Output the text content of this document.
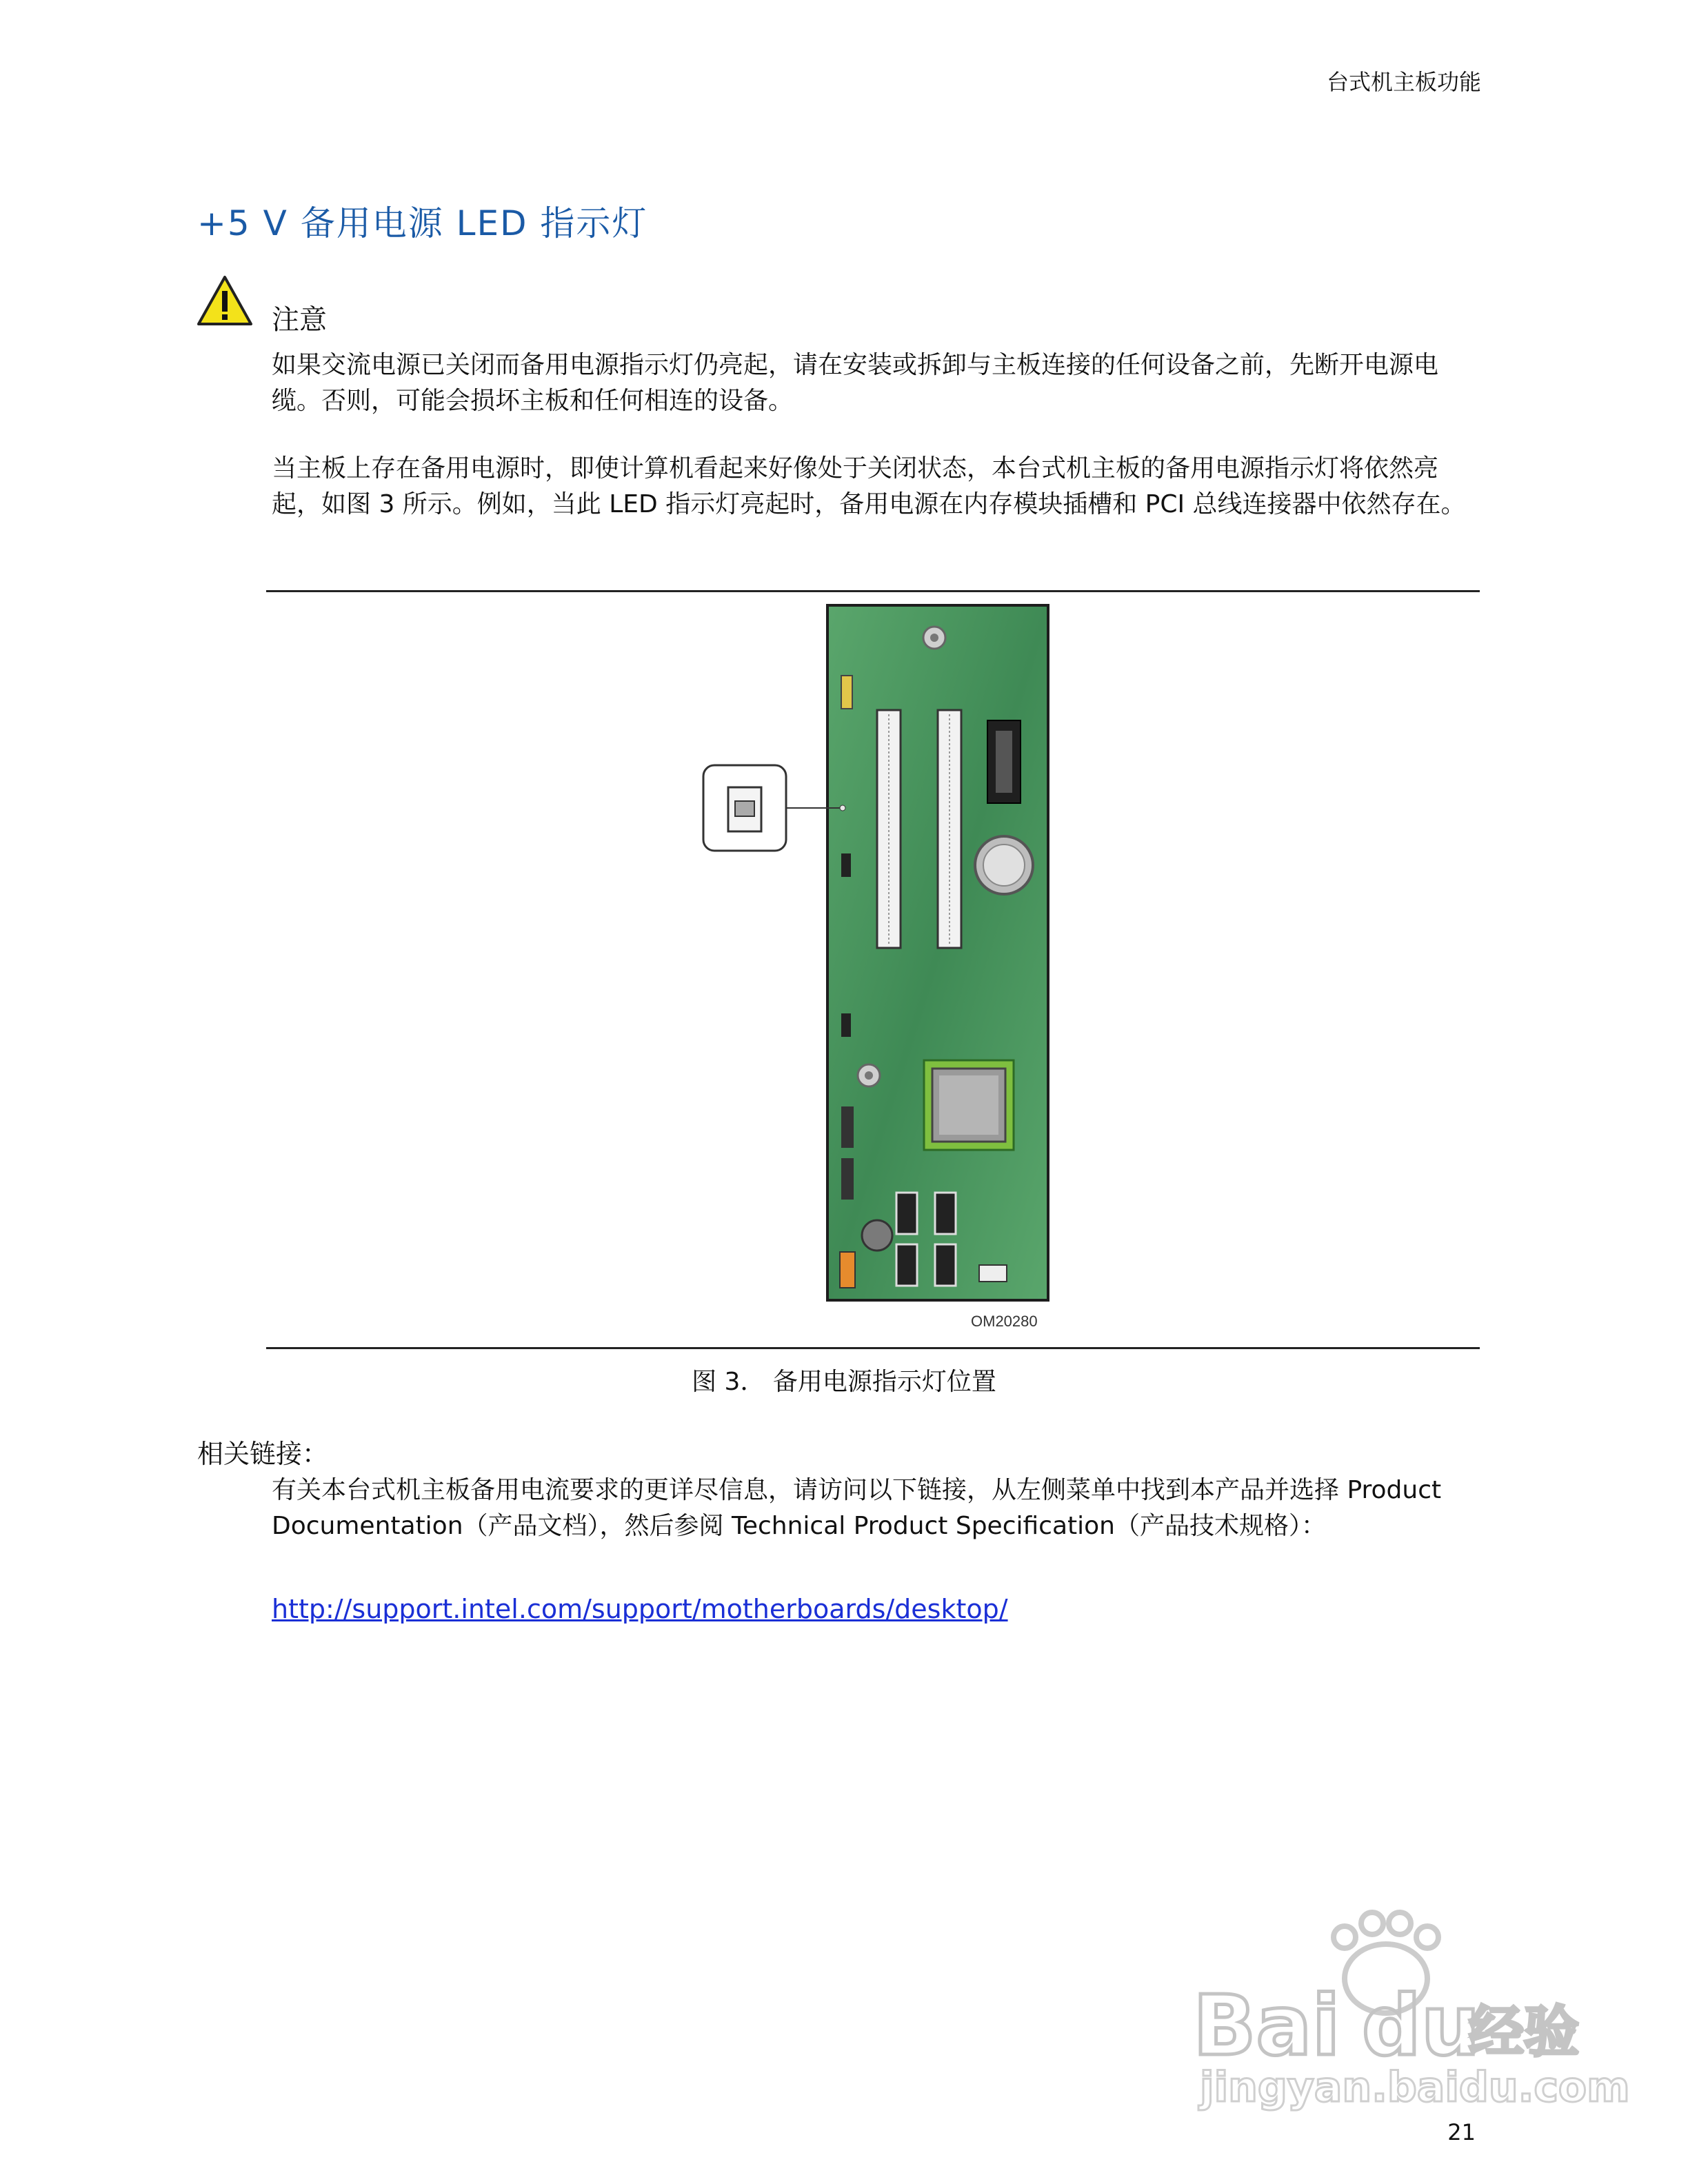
台式机主板功能
+5 V 备用电源 LED 指示灯
注意

如果交流电源已关闭而备用电源指示灯仍亮起，请在安装或拆卸与主板连接的任何设备之前，先断开电源电缆。否则，可能会损坏主板和任何相连的设备。

当主板上存在备用电源时，即使计算机看起来好像处于关闭状态，本台式机主板的备用电源指示灯将依然亮起，如图 3 所示。例如，当此 LED 指示灯亮起时，备用电源在内存模块插槽和 PCI 总线连接器中依然存在。

OM20280
图 3． 备用电源指示灯位置
相关链接：

有关本台式机主板备用电流要求的更详尽信息，请访问以下链接，从左侧菜单中找到本产品并选择 Product Documentation（产品文档），然后参阅 Technical Product Specification（产品技术规格）：

http://support.intel.com/support/motherboards/desktop/
Bai du
经验
jingyan.baidu.com
21
